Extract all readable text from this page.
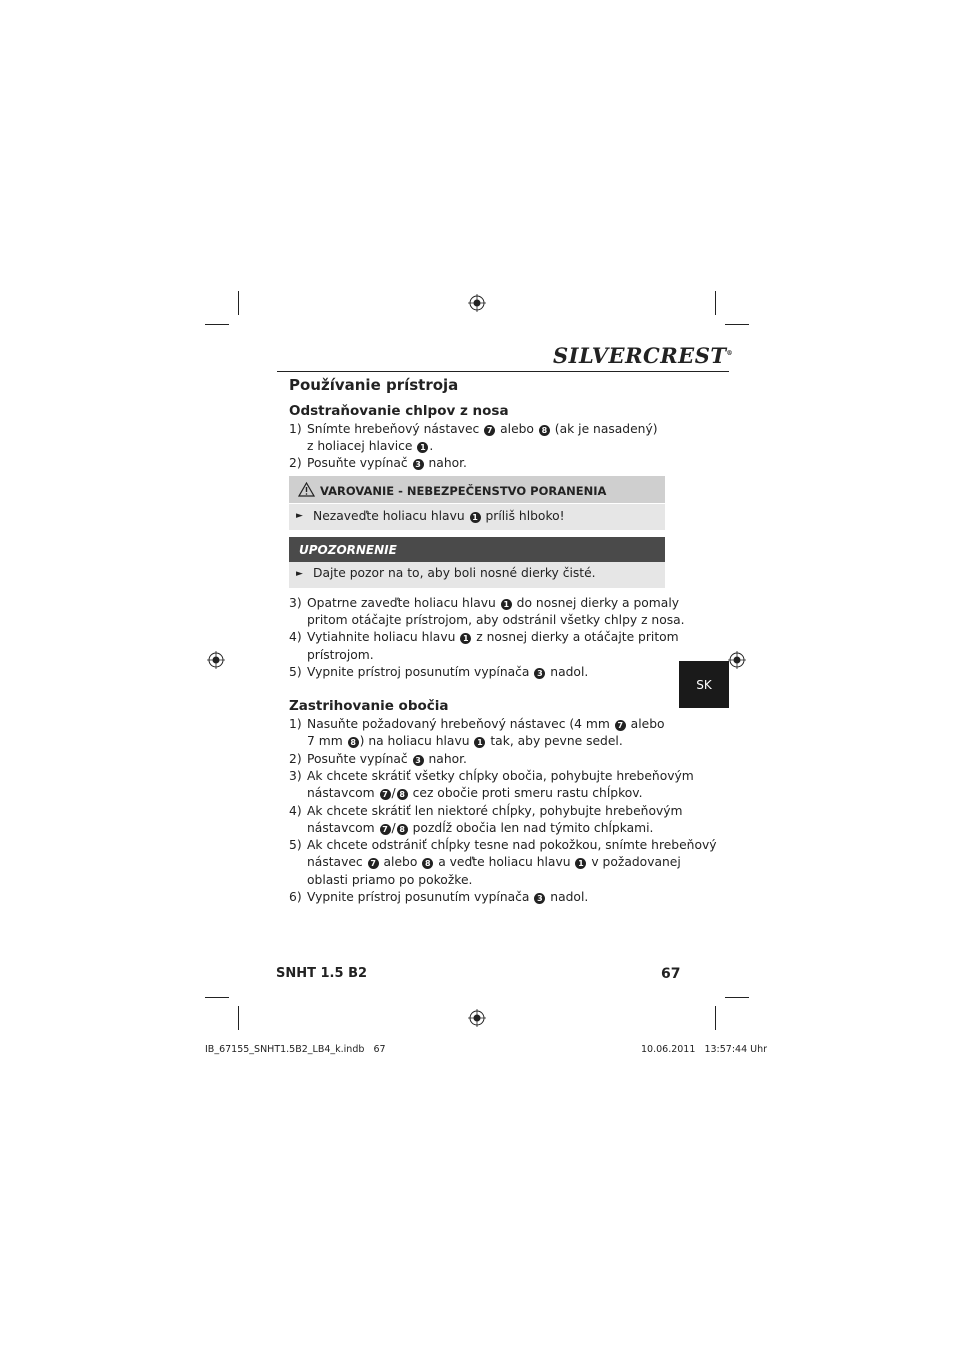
SILVERCREST®
Používanie prístroja
Odstraňovanie chlpov z nosa
1) Snímte hrebeňový nástavec 7 alebo 8 (ak je nasadený)
z holiacej hlavice 1 .
2) Posuňte vypínač 3 nahor.
VAROVANIE - NEBEZPEČENSTVO PORANENIA
► Nezaveďte holiacu hlavu 1 príliš hlboko!
UPOZORNENIE
► Dajte pozor na to, aby boli nosné dierky čisté.
3) Opatrne zaveďte holiacu hlavu 1 do nosnej dierky a pomaly
pritom otáčajte prístrojom, aby odstránil všetky chlpy z nosa.
4) Vytiahnite holiacu hlavu 1 z nosnej dierky a otáčajte pritom
prístrojom.
5) Vypnite prístroj posunutím vypínača 3 nadol.
SK
Zastrihovanie obočia
1) Nasuňte požadovaný hrebeňový nástavec (4 mm 7 alebo
7 mm 8 ) na holiacu hlavu 1 tak, aby pevne sedel.
2) Posuňte vypínač 3 nahor.
3) Ak chcete skrátiť všetky chĺpky obočia, pohybujte hrebeňovým
nástavcom 7 / 8 cez obočie proti smeru rastu chĺpkov.
4) Ak chcete skrátiť len niektoré chĺpky, pohybujte hrebeňovým
nástavcom 7 / 8 pozdĺž obočia len nad týmito chĺpkami.
5) Ak chcete odstrániť chĺpky tesne nad pokožkou, snímte hrebeňový
nástavec 7 alebo 8 a veďte holiacu hlavu 1 v požadovanej
oblasti priamo po pokožke.
6) Vypnite prístroj posunutím vypínača 3 nadol.
SNHT 1.5 B2	67
IB_67155_SNHT1.5B2_LB4_k.indb   67	10.06.2011   13:57:44 Uhr
